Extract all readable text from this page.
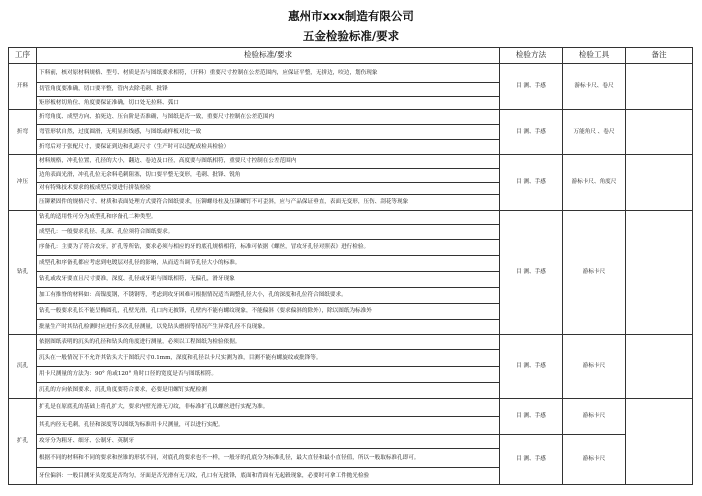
惠州市xxx制造有限公司
五金检验标准/要求
工序	检验标准/要求	检验方法	检验工具	备注
开料	下料前，核对原材料规格、型号、材质是否与图纸要求相符，（开料）重要尺寸控制在公差范围内，应保证平整，无拼边，咬边，划伤现象	目 测、手感	游标卡尺、卷尺	
	切管角度要准确，切口要平整，管内去除毛刺、批锋			
	矩形板材切角位、角度要保证准确，切口处无拉料、弧口			
折弯	折弯角度、成型方向、拍死边、压台阶是否准确，与图纸是否一致，重要尺寸控制在公差范围内	目 测、手感	万能角尺 、卷尺	
	弯管形状自然，过度圆滑，无明显折线感，与图纸或样板对比一致			
	折弯后对于张配尺寸，要保证到边和孔距尺寸（生产时可以适配成检具检验）			
冲压	材料规格，冲孔位置，孔径的大小，翻边、卷边及口径，高度要与图纸相符，重要尺寸控制在公差范围内	目 测、手感	游标卡尺、角度尺	
	边角表面光滑，冲孔孔位无余料毛刺阻塞，切口要平整无变形，毛刺、批锋、锐角			
	对有特殊技术要求的板成型后要进行拼装检验			
	压铆紧固件的规格尺寸、材质和表面处理方式要符合图纸要求，压铆螺母柱及压铆螺钉不可歪斜，应与产品保证垂直，表面无变形，压伤、刮花等现象			
钻孔	钻孔的适用性可分为成型孔和序备孔二种类型。	目 测、手感	游标卡尺	
	成型孔：一般要求孔径、孔深、孔位须符合图纸要求。			
	序备孔：主要为了符合攻牙，扩孔等所钻，要求必须与相应的牙的底孔规格相符，标准可依据《螺丝，冒攻牙孔径对照表》进行检验。			
	成型孔和序备孔都应考虑到电镀层对孔径的影响，从而适当调节孔径大小的标准。			
	钻孔或攻牙要直且尺寸要准，深度、孔径或牙距与图纸相符，无偏孔，滑牙现象			
	加工有推脊的材料如：高镍度钢，不锈钢等，考虑到攻牙困难可根据情况适当调整孔径大小，孔的深度和孔位符合图纸要求。			
	钻孔一般要求孔长不能呈椭圆孔，孔壁光滑，孔口内无披锋，孔壁内不能有螺纹现象，不能偏斜（要求偏斜的除外），除以图纸为标准外			
	批量生产时其钻孔检测时应进行多次孔径测量，以免钻头磨损等情况产生异常孔径不良现象。			
沉孔	依据图纸表明的沉头的孔径和钻头的角度进行测量，必须以工程图纸为检验依据。	目 测、手感	游标卡尺	
	沉头在一般情况下不允许其钻头大于图纸尺寸0.1mm，深度和孔径以卡尺实测为准，目测不能有螺旋纹或批锋等。			
	用卡尺测量的方法为：90° 角或120° 角时口径的宽度是否与图纸相符。			
	沉孔的方向依图要求，沉孔角度要符合要求，必要是用螺钉实配检测			
扩孔	扩孔是在原底孔的基础上将孔扩大，要求内壁光滑无刀纹，非标准扩孔以螺丝进行实配为准。	目 测、手感	游标卡尺	
	其孔内径无毛刺，孔径和深度等以图纸为标准用卡尺测量，可以进行实配。			
	攻牙分为粗牙、细牙、公制牙、英制牙	目 测、手感	游标卡尺	
	根据不同的材料和不同的要求和丝锥的形状不同，对底孔的要求也不一样，一般牙的孔底分为标准孔径，最大直径和最小直径值，所以一般取标准孔即可。			
	牙位偏斜：一般目测牙头宽度是否均匀，牙面是否光滑有无刀纹，孔口有无批锋，底面和背面有无起毂现象，必要时可拿工件抛光检验			
